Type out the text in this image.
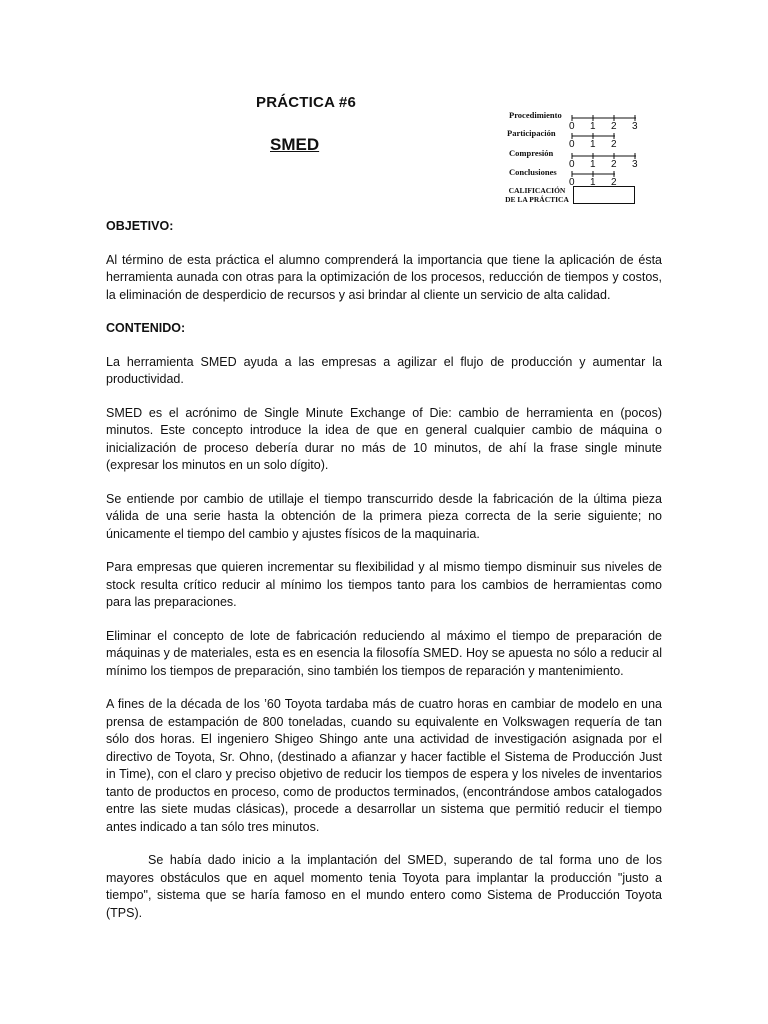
PRÁCTICA #6
SMED
Procedimiento
0 1 2 3
Participación
0 1 2
Compresión
0 1 2 3
Conclusiones
0 1 2
CALIFICACIÓN
DE LA PRÁCTICA

OBJETIVO:

Al término de esta práctica el alumno comprenderá la importancia que tiene la aplicación de ésta herramienta aunada con otras para la optimización de los procesos, reducción de tiempos y costos, la eliminación de desperdicio de recursos y asi brindar al cliente un servicio de alta calidad.

CONTENIDO:

La herramienta SMED ayuda a las empresas a agilizar el flujo de producción y aumentar la productividad.

SMED es el acrónimo de Single Minute Exchange of Die: cambio de herramienta en (pocos) minutos. Este concepto introduce la idea de que en general cualquier cambio de máquina o inicialización de proceso debería durar no más de 10 minutos, de ahí la frase single minute (expresar los minutos en un solo dígito).

Se entiende por cambio de utillaje el tiempo transcurrido desde la fabricación de la última pieza válida de una serie hasta la obtención de la primera pieza correcta de la serie siguiente; no únicamente el tiempo del cambio y ajustes físicos de la maquinaria.

Para empresas que quieren incrementar su flexibilidad y al mismo tiempo disminuir sus niveles de stock resulta crítico reducir al mínimo los tiempos tanto para los cambios de herramientas como para las preparaciones.

Eliminar el concepto de lote de fabricación reduciendo al máximo el tiempo de preparación de máquinas y de materiales, esta es en esencia la filosofía SMED. Hoy se apuesta no sólo a reducir al mínimo los tiempos de preparación, sino también los tiempos de reparación y mantenimiento.

A fines de la década de los ’60 Toyota tardaba más de cuatro horas en cambiar de modelo en una prensa de estampación de 800 toneladas, cuando su equivalente en Volkswagen requería de tan sólo dos horas. El ingeniero Shigeo Shingo ante una actividad de investigación asignada por el directivo de Toyota, Sr. Ohno, (destinado a afianzar y hacer factible el Sistema de Producción Just in Time), con el claro y preciso objetivo de reducir los tiempos de espera y los niveles de inventarios tanto de productos en proceso, como de productos terminados, (encontrándose ambos catalogados entre las siete mudas clásicas), procede a desarrollar un sistema que permitió reducir el tiempo antes indicado a tan sólo tres minutos.

Se había dado inicio a la implantación del SMED, superando de tal forma uno de los mayores obstáculos que en aquel momento tenia Toyota para implantar la producción "justo a tiempo", sistema que se haría famoso en el mundo entero como Sistema de Producción Toyota (TPS).
